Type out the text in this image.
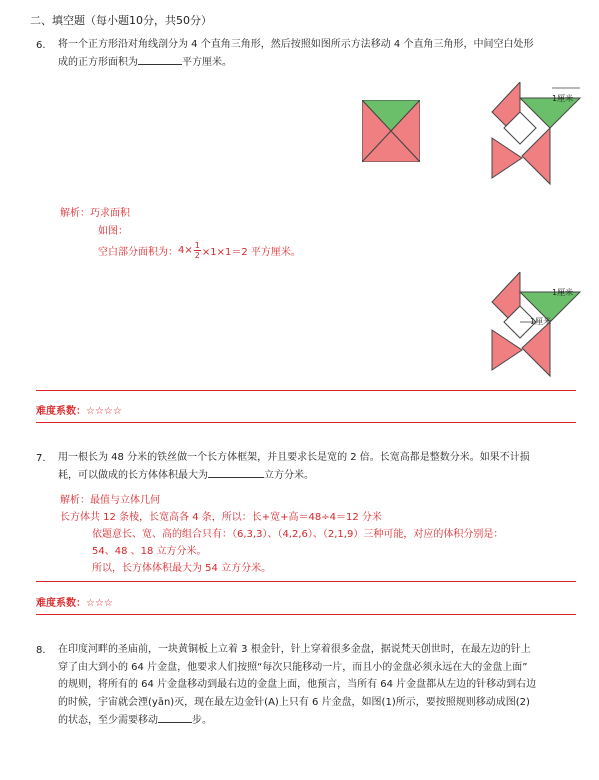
二、填空题（每小题10分，共50分）
6. 将一个正方形沿对角线剖分为 4 个直角三角形，然后按照如图所示方法移动 4 个直角三角形，中间空白处形
成的正方形面积为	平方厘米。
1厘米
解析：巧求面积
如图：
空白部分面积为： $4\times \frac{1}{2} \times 1\times 1=2$ 平方厘米。
1厘米
1厘米
难度系数：☆☆☆☆
7. 用一根长为 48 分米的铁丝做一个长方体框架，并且要求长是宽的 2 倍。长宽高都是整数分米。如果不计损
耗，可以做成的长方体体积最大为	立方分米。
解析：最值与立体几何
长方体共 12 条棱，长宽高各 4 条，所以：长+宽+高＝48÷4＝12 分米
依题意长、宽、高的组合只有：（6,3,3）、（4,2,6）、（2,1,9）三种可能，对应的体积分别是：
54、48 、18 立方分米。
所以，长方体体积最大为 54 立方分米。
难度系数：☆☆☆
8. 在印度河畔的圣庙前，一块黄铜板上立着 3 根金针，针上穿着很多金盘，据说梵天创世时，在最左边的针上
穿了由大到小的 64 片金盘，他要求人们按照“每次只能移动一片，而且小的金盘必须永远在大的金盘上面”
的规则，将所有的 64 片金盘移动到最右边的金盘上面，他预言，当所有 64 片金盘都从左边的针移动到右边
的时候，宇宙就会湮(yān)灭，现在最左边金针(A)上只有 6 片金盘，如图(1)所示，要按照规则移动成图(2)
的状态，至少需要移动	步。
